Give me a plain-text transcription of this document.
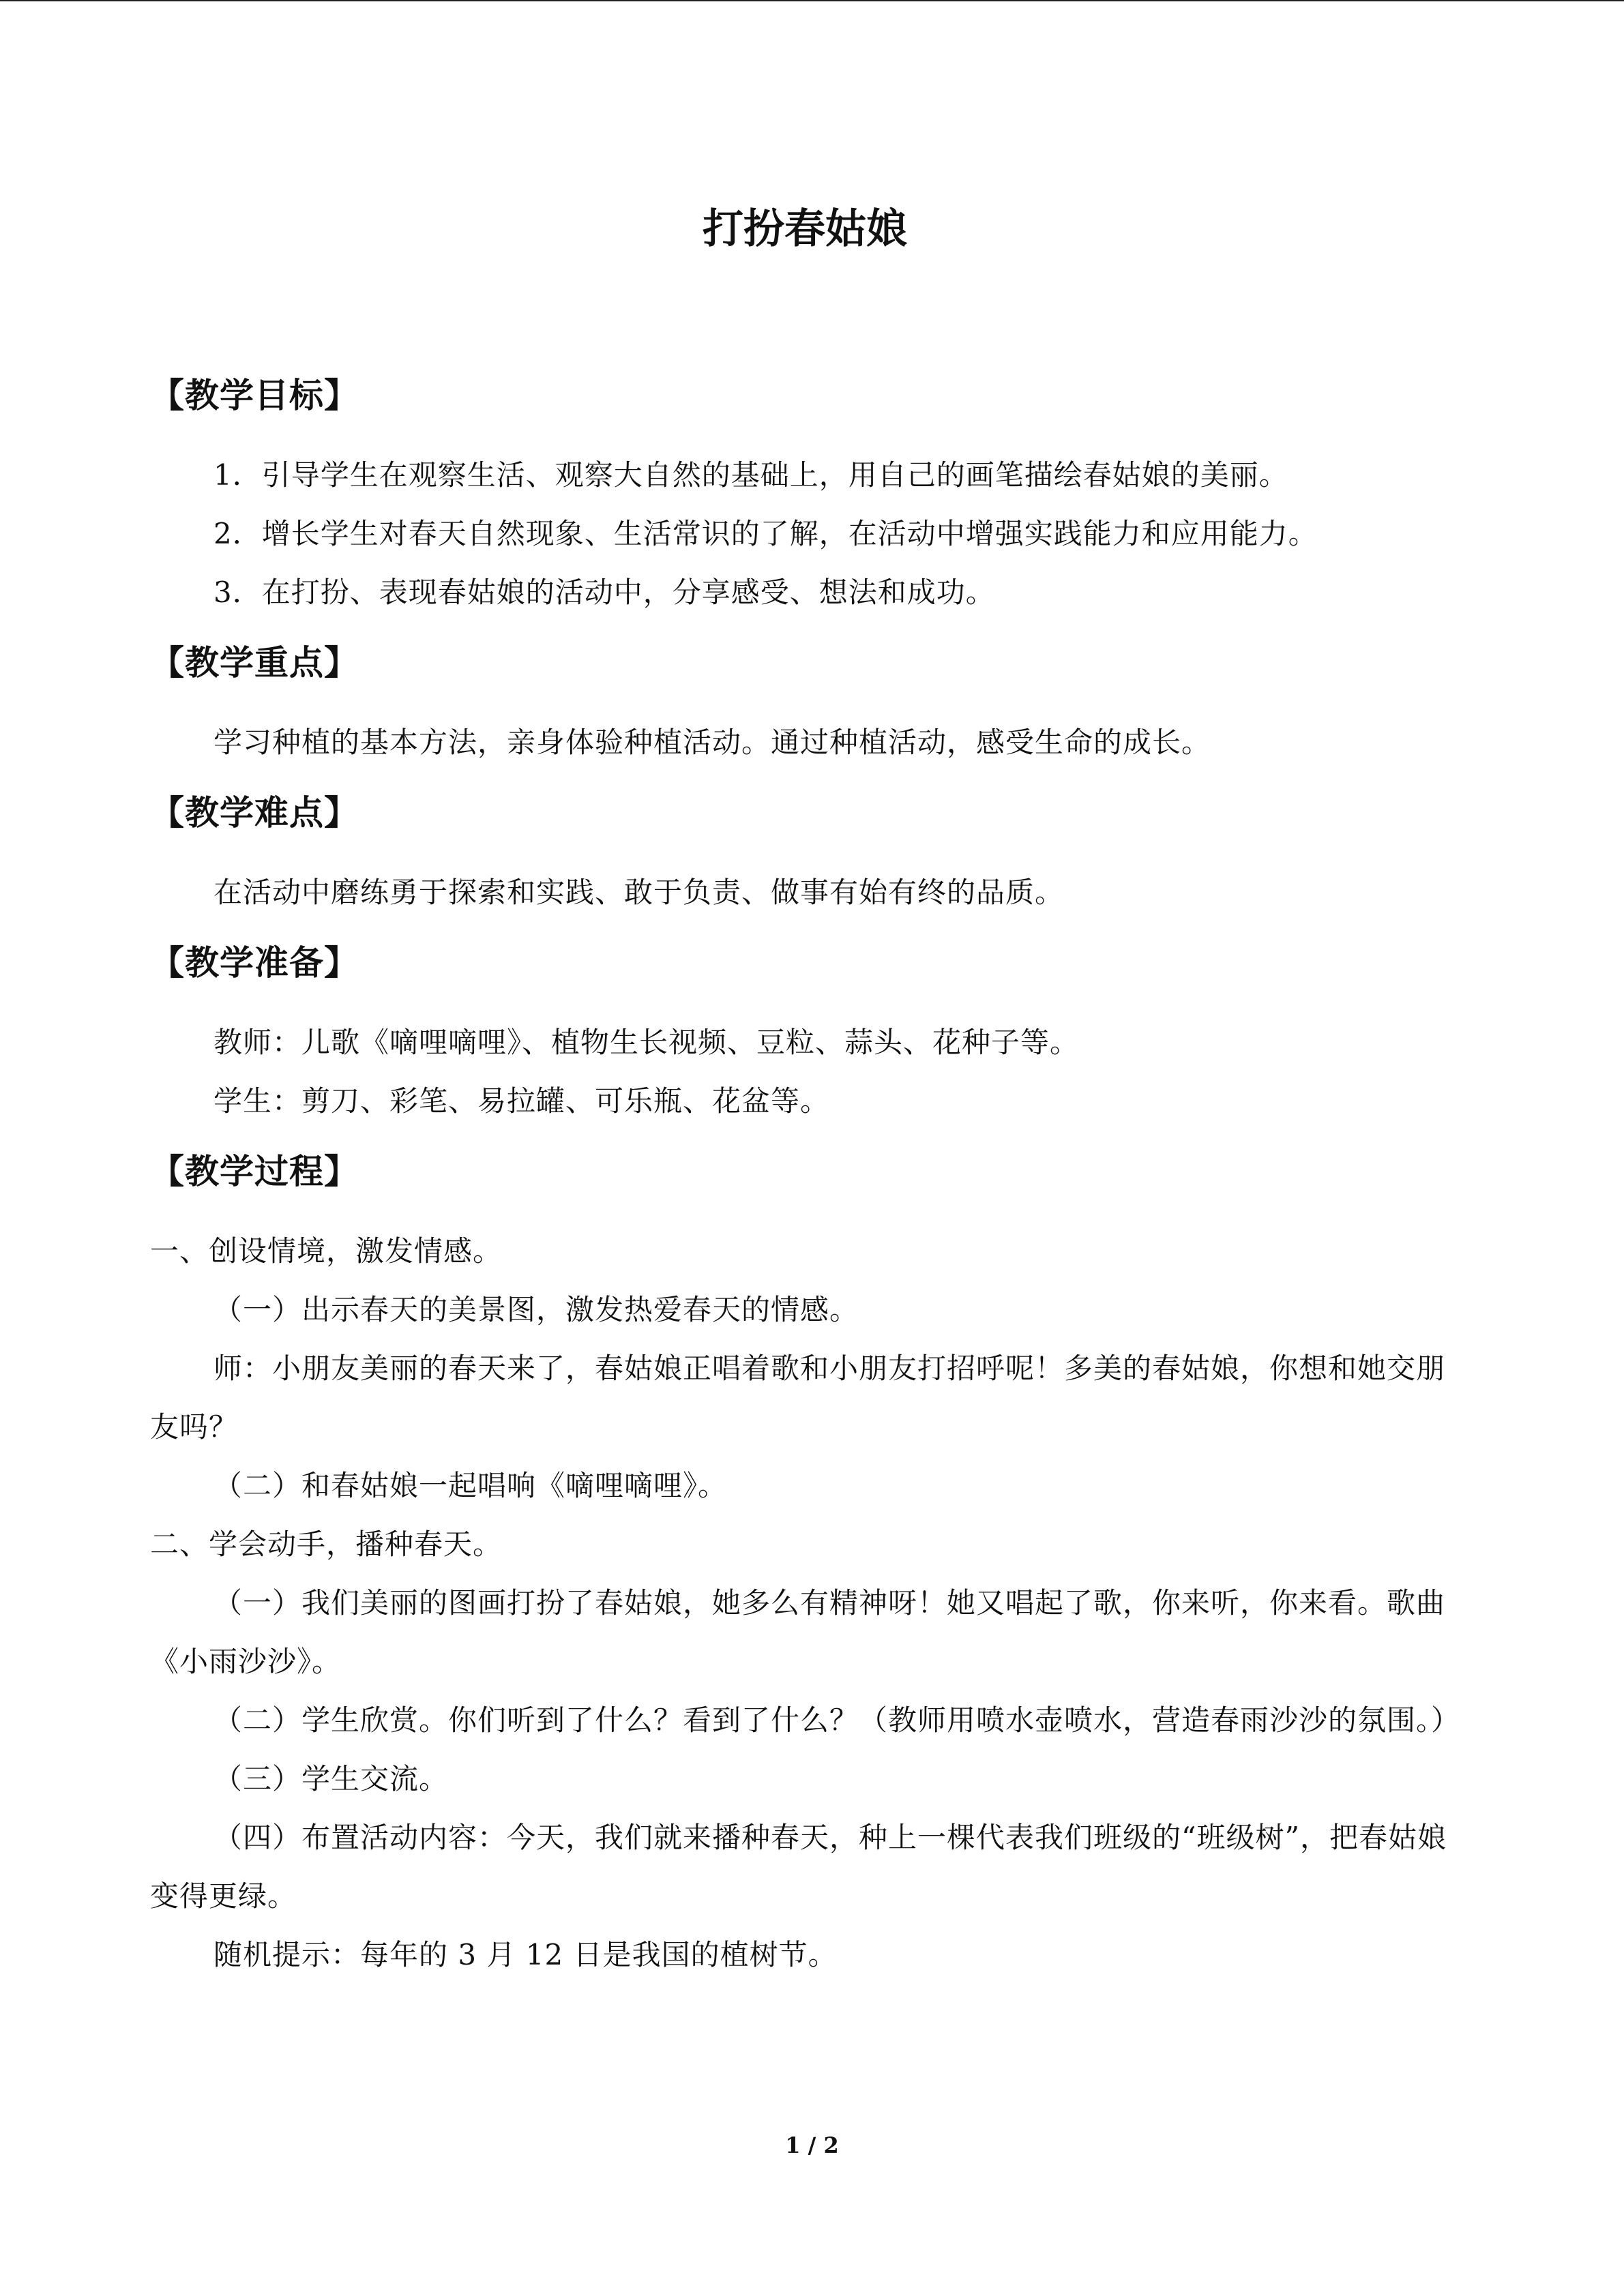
打扮春姑娘
【教学目标】

1．引导学生在观察生活、观察大自然的基础上，用自己的画笔描绘春姑娘的美丽。

2．增长学生对春天自然现象、生活常识的了解，在活动中增强实践能力和应用能力。

3．在打扮、表现春姑娘的活动中，分享感受、想法和成功。

【教学重点】

学习种植的基本方法，亲身体验种植活动。通过种植活动，感受生命的成长。

【教学难点】

在活动中磨练勇于探索和实践、敢于负责、做事有始有终的品质。

【教学准备】

教师：儿歌《嘀哩嘀哩》、植物生长视频、豆粒、蒜头、花种子等。

学生：剪刀、彩笔、易拉罐、可乐瓶、花盆等。

【教学过程】

一、创设情境，激发情感。

（一）出示春天的美景图，激发热爱春天的情感。

师：小朋友美丽的春天来了，春姑娘正唱着歌和小朋友打招呼呢！多美的春姑娘，你想和她交朋友吗？

（二）和春姑娘一起唱响《嘀哩嘀哩》。

二、学会动手，播种春天。

（一）我们美丽的图画打扮了春姑娘，她多么有精神呀！她又唱起了歌，你来听，你来看。歌曲《小雨沙沙》。

（二）学生欣赏。你们听到了什么？看到了什么？（教师用喷水壶喷水，营造春雨沙沙的氛围。）

（三）学生交流。

（四）布置活动内容：今天，我们就来播种春天，种上一棵代表我们班级的“班级树”，把春姑娘变得更绿。

随机提示：每年的 3 月 12 日是我国的植树节。

1 / 2
